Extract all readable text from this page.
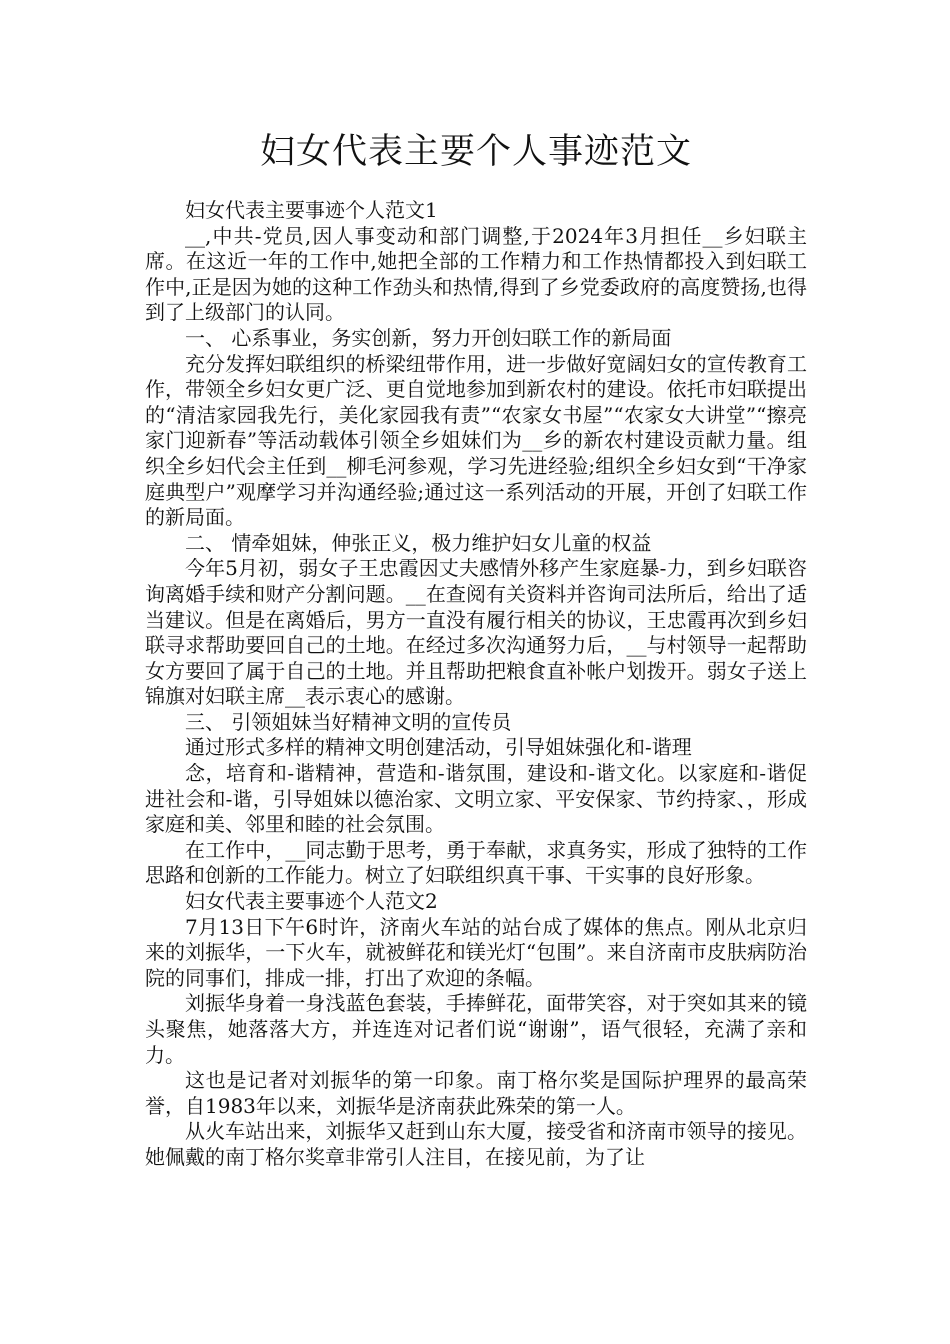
妇女代表主要个人事迹范文

妇女代表主要事迹个人范文1

__,中共-党员,因人事变动和部门调整,于2024年3月担任__乡妇联主席。在这近一年的工作中,她把全部的工作精力和工作热情都投入到妇联工作中,正是因为她的这种工作劲头和热情,得到了乡党委政府的高度赞扬,也得到了上级部门的认同。

一、 心系事业，务实创新，努力开创妇联工作的新局面

充分发挥妇联组织的桥梁纽带作用，进一步做好宽阔妇女的宣传教育工作，带领全乡妇女更广泛、更自觉地参加到新农村的建设。依托市妇联提出的“清洁家园我先行，美化家园我有责”“农家女书屋”“农家女大讲堂”“擦亮家门迎新春”等活动载体引领全乡姐妹们为__乡的新农村建设贡献力量。组织全乡妇代会主任到__柳毛河参观，学习先进经验;组织全乡妇女到“干净家庭典型户”观摩学习并沟通经验;通过这一系列活动的开展，开创了妇联工作的新局面。

二、 情牵姐妹，伸张正义，极力维护妇女儿童的权益

今年5月初，弱女子王忠霞因丈夫感情外移产生家庭暴-力，到乡妇联咨询离婚手续和财产分割问题。__在查阅有关资料并咨询司法所后，给出了适当建议。但是在离婚后，男方一直没有履行相关的协议，王忠霞再次到乡妇联寻求帮助要回自己的土地。在经过多次沟通努力后，__与村领导一起帮助女方要回了属于自己的土地。并且帮助把粮食直补帐户划拨开。弱女子送上锦旗对妇联主席__表示衷心的感谢。

三、 引领姐妹当好精神文明的宣传员

通过形式多样的精神文明创建活动，引导姐妹强化和-谐理

念，培育和-谐精神，营造和-谐氛围，建设和-谐文化。以家庭和-谐促进社会和-谐，引导姐妹以德治家、文明立家、平安保家、节约持家、，形成家庭和美、邻里和睦的社会氛围。

在工作中，__同志勤于思考，勇于奉献，求真务实，形成了独特的工作思路和创新的工作能力。树立了妇联组织真干事、干实事的良好形象。

妇女代表主要事迹个人范文2

7月13日下午6时许，济南火车站的站台成了媒体的焦点。刚从北京归来的刘振华，一下火车，就被鲜花和镁光灯“包围”。来自济南市皮肤病防治院的同事们，排成一排，打出了欢迎的条幅。

刘振华身着一身浅蓝色套装，手捧鲜花，面带笑容，对于突如其来的镜头聚焦，她落落大方，并连连对记者们说“谢谢”，语气很轻，充满了亲和力。

这也是记者对刘振华的第一印象。南丁格尔奖是国际护理界的最高荣誉，自1983年以来，刘振华是济南获此殊荣的第一人。

从火车站出来，刘振华又赶到山东大厦，接受省和济南市领导的接见。她佩戴的南丁格尔奖章非常引人注目，在接见前，为了让
